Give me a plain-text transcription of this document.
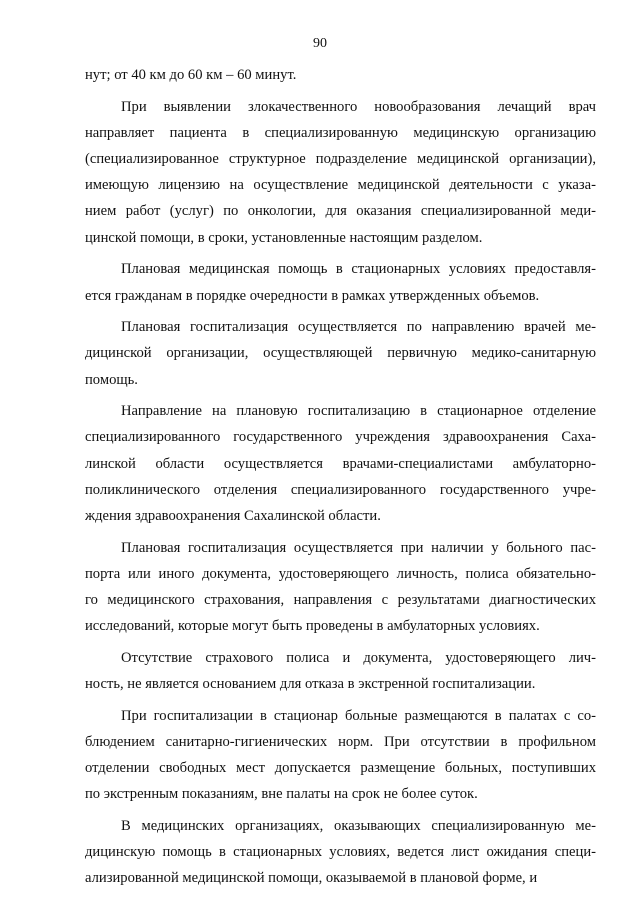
90
нут; от 40 км до 60 км – 60 минут.
При выявлении злокачественного новообразования лечащий врач
направляет пациента в специализированную медицинскую организацию
(специализированное структурное подразделение медицинской организации),
имеющую лицензию на осуществление медицинской деятельности с указа-
нием работ (услуг) по онкологии, для оказания специализированной меди-
цинской помощи, в сроки, установленные настоящим разделом.
Плановая медицинская помощь в стационарных условиях предоставля-
ется гражданам в порядке очередности в рамках утвержденных объемов.
Плановая госпитализация осуществляется по направлению врачей ме-
дицинской организации, осуществляющей первичную медико-санитарную
помощь.
Направление на плановую госпитализацию в стационарное отделение
специализированного государственного учреждения здравоохранения Саха-
линской области осуществляется врачами-специалистами амбулаторно-
поликлинического отделения специализированного государственного учре-
ждения здравоохранения Сахалинской области.
Плановая госпитализация осуществляется при наличии у больного пас-
порта или иного документа, удостоверяющего личность, полиса обязательно-
го медицинского страхования, направления с результатами диагностических
исследований, которые могут быть проведены в амбулаторных условиях.
Отсутствие страхового полиса и документа, удостоверяющего лич-
ность, не является основанием для отказа в экстренной госпитализации.
При госпитализации в стационар больные размещаются в палатах с со-
блюдением санитарно-гигиенических норм. При отсутствии в профильном
отделении свободных мест допускается размещение больных, поступивших
по экстренным показаниям, вне палаты на срок не более суток.
В медицинских организациях, оказывающих специализированную ме-
дицинскую помощь в стационарных условиях, ведется лист ожидания специ-
ализированной медицинской помощи, оказываемой в плановой форме, и
